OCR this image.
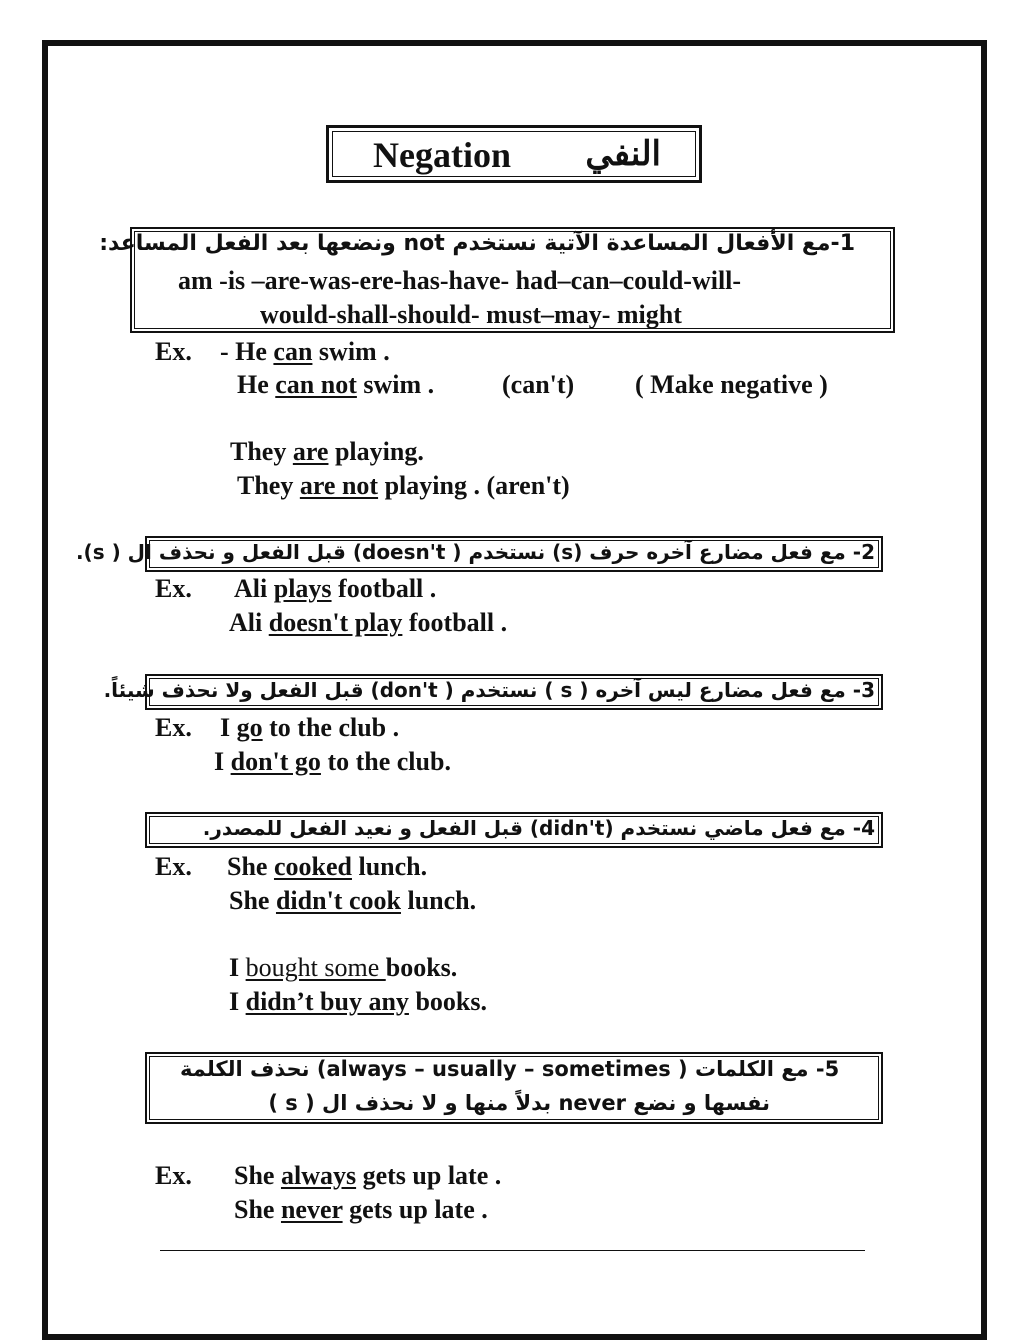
Negation النفي
1-مع الأفعال المساعدة الآتية نستخدم not ونضعها بعد الفعل المساعد:
am -is –are-was-ere-has-have- had–can–could-will-
would-shall-should- must–may- might
Ex. - He can swim .
He can not swim .	(can't) ( Make negative )
They are playing.
They are not playing . (aren't)
2- مع فعل مضارع آخره حرف (s) نستخدم ( doesn't) قبل الفعل و نحذف ال ( s).
Ex. Ali plays football .
Ali doesn't play football .
3- مع فعل مضارع ليس آخره ( s ) نستخدم ( don't) قبل الفعل ولا نحذف شيئاً.
Ex. I go to the club .
I don't go to the club.
4- مع فعل ماضي نستخدم (didn't) قبل الفعل و نعيد الفعل للمصدر.
Ex. She cooked lunch.
She didn't cook lunch.
I bought some books.
I didn’t buy any books.
5- مع الكلمات ( always – usually – sometimes) نحذف الكلمة
نفسها و نضع never بدلاً منها و لا نحذف ال ( s )
Ex. She always gets up late .
She never gets up late .
